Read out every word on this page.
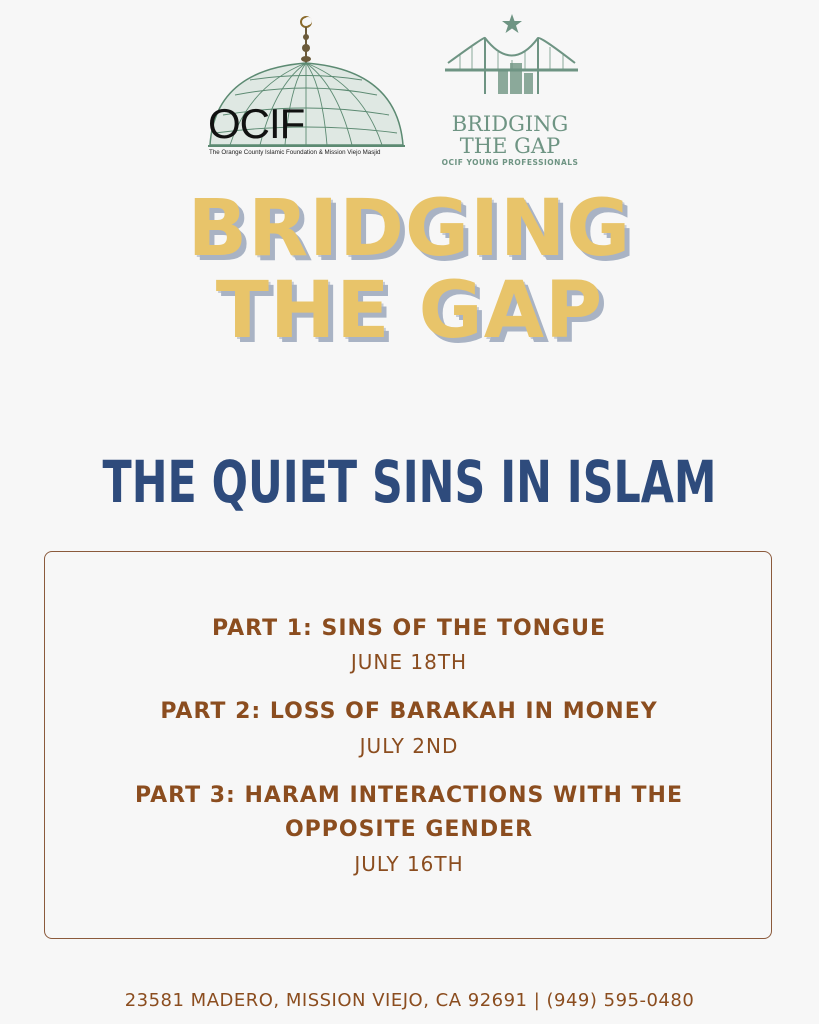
OCIF
The Orange County Islamic Foundation & Mission Viejo Masjid
BRIDGING
THE GAP
OCIF YOUNG PROFESSIONALS
BRIDGING
THE GAP
THE QUIET SINS IN ISLAM
PART 1: SINS OF THE TONGUE
JUNE 18TH
PART 2: LOSS OF BARAKAH IN MONEY
JULY 2ND
PART 3: HARAM INTERACTIONS WITH THE
OPPOSITE GENDER
JULY 16TH
23581 MADERO, MISSION VIEJO, CA 92691 | (949) 595-0480
